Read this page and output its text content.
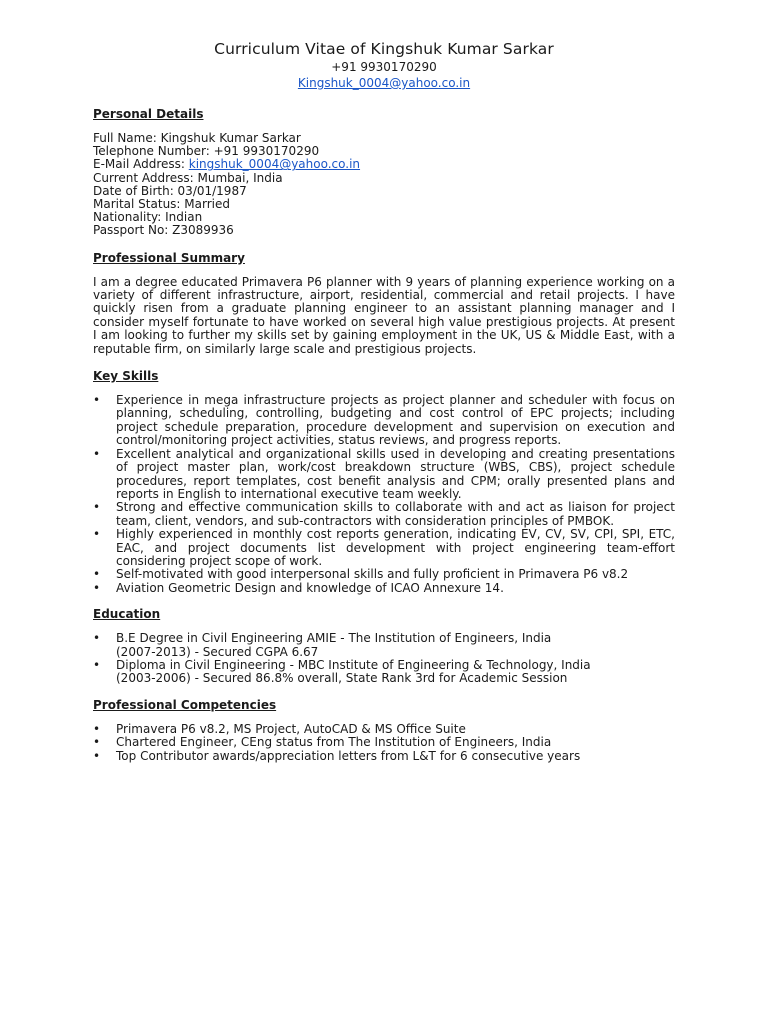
Curriculum Vitae of Kingshuk Kumar Sarkar
+91 9930170290
Kingshuk_0004@yahoo.co.in
Personal Details

Full Name: Kingshuk Kumar Sarkar

Telephone Number: +91 9930170290

E-Mail Address: kingshuk_0004@yahoo.co.in

Current Address: Mumbai, India

Date of Birth: 03/01/1987

Marital Status: Married

Nationality: Indian

Passport No: Z3089936

Professional Summary

I am a degree educated Primavera P6 planner with 9 years of planning experience working on a variety of different infrastructure, airport, residential, commercial and retail projects. I have quickly risen from a graduate planning engineer to an assistant planning manager and I consider myself fortunate to have worked on several high value prestigious projects. At present I am looking to further my skills set by gaining employment in the UK, US & Middle East, with a reputable firm, on similarly large scale and prestigious projects.

Key Skills
• Experience in mega infrastructure projects as project planner and scheduler with focus on planning, scheduling, controlling, budgeting and cost control of EPC projects; including project schedule preparation, procedure development and supervision on execution and control/monitoring project activities, status reviews, and progress reports.
• Excellent analytical and organizational skills used in developing and creating presentations of project master plan, work/cost breakdown structure (WBS, CBS), project schedule procedures, report templates, cost benefit analysis and CPM; orally presented plans and reports in English to international executive team weekly.
• Strong and effective communication skills to collaborate with and act as liaison for project team, client, vendors, and sub-contractors with consideration principles of PMBOK.
• Highly experienced in monthly cost reports generation, indicating EV, CV, SV, CPI, SPI, ETC, EAC, and project documents list development with project engineering team-effort considering project scope of work.
• Self-motivated with good interpersonal skills and fully proficient in Primavera P6 v8.2
• Aviation Geometric Design and knowledge of ICAO Annexure 14.
Education
• B.E Degree in Civil Engineering AMIE - The Institution of Engineers, India
(2007-2013) - Secured CGPA 6.67
• Diploma in Civil Engineering - MBC Institute of Engineering & Technology, India
(2003-2006) - Secured 86.8% overall, State Rank 3rd for Academic Session
Professional Competencies
• Primavera P6 v8.2, MS Project, AutoCAD & MS Office Suite
• Chartered Engineer, CEng status from The Institution of Engineers, India
• Top Contributor awards/appreciation letters from L&T for 6 consecutive years
